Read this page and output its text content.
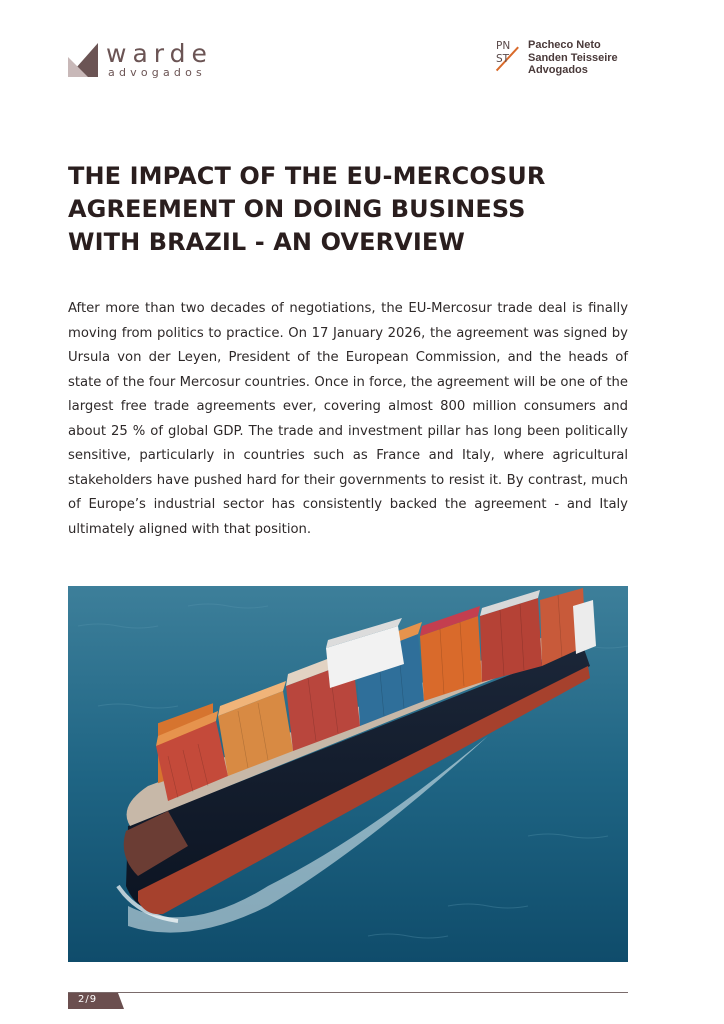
warde
advogados
PN
ST
Pacheco Neto
Sanden Teisseire
Advogados
THE IMPACT OF THE EU-MERCOSUR
AGREEMENT ON DOING BUSINESS
WITH BRAZIL - AN OVERVIEW

After more than two decades of negotiations, the EU-Mercosur trade deal is finally moving from politics to practice. On 17 January 2026, the agreement was signed by Ursula von der Leyen, President of the European Commission, and the heads of state of the four Mercosur countries. Once in force, the agreement will be one of the largest free trade agreements ever, covering almost 800 million consumers and about 25 % of global GDP. The trade and investment pillar has long been politically sensitive, particularly in countries such as France and Italy, where agricultural stakeholders have pushed hard for their governments to resist it. By contrast, much of Europe’s industrial sector has consistently backed the agreement - and Italy ultimately aligned with that position.

2/9
